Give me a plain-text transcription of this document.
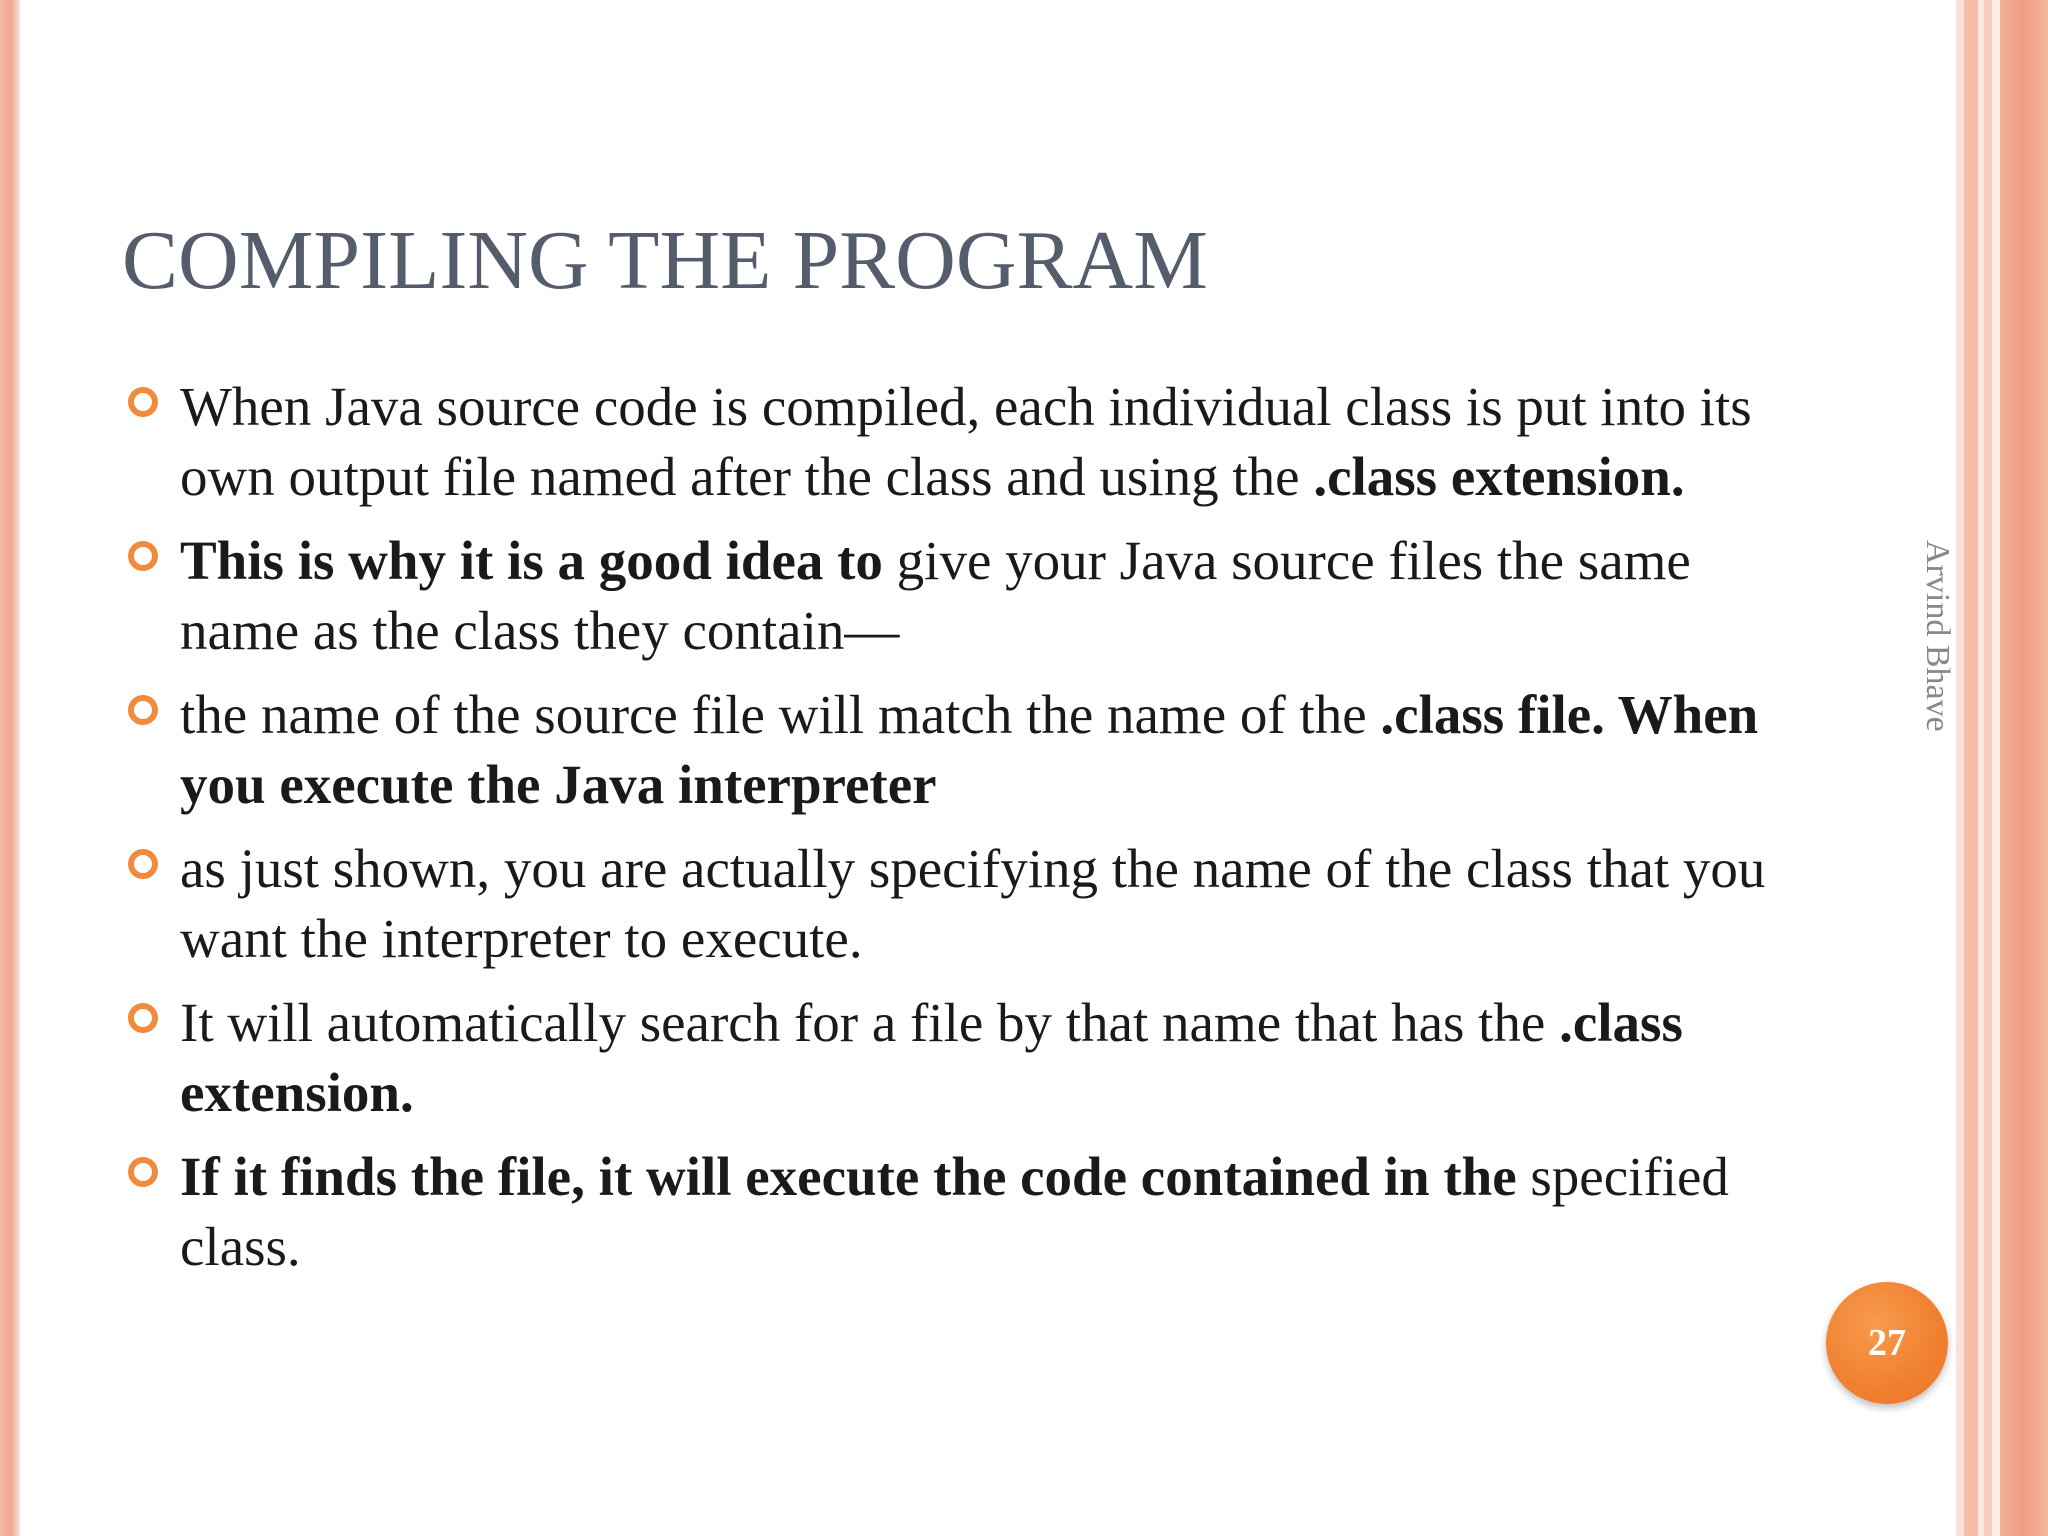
COMPILING THE PROGRAM
When Java source code is compiled, each individual class is put into its own output file named after the class and using the .class extension.
This is why it is a good idea to give your Java source files the same name as the class they contain—
the name of the source file will match the name of the .class file. When you execute the Java interpreter
as just shown, you are actually specifying the name of the class that you want the interpreter to execute.
It will automatically search for a file by that name that has the .class extension.
If it finds the file, it will execute the code contained in the specified class.
Arvind Bhave
27
